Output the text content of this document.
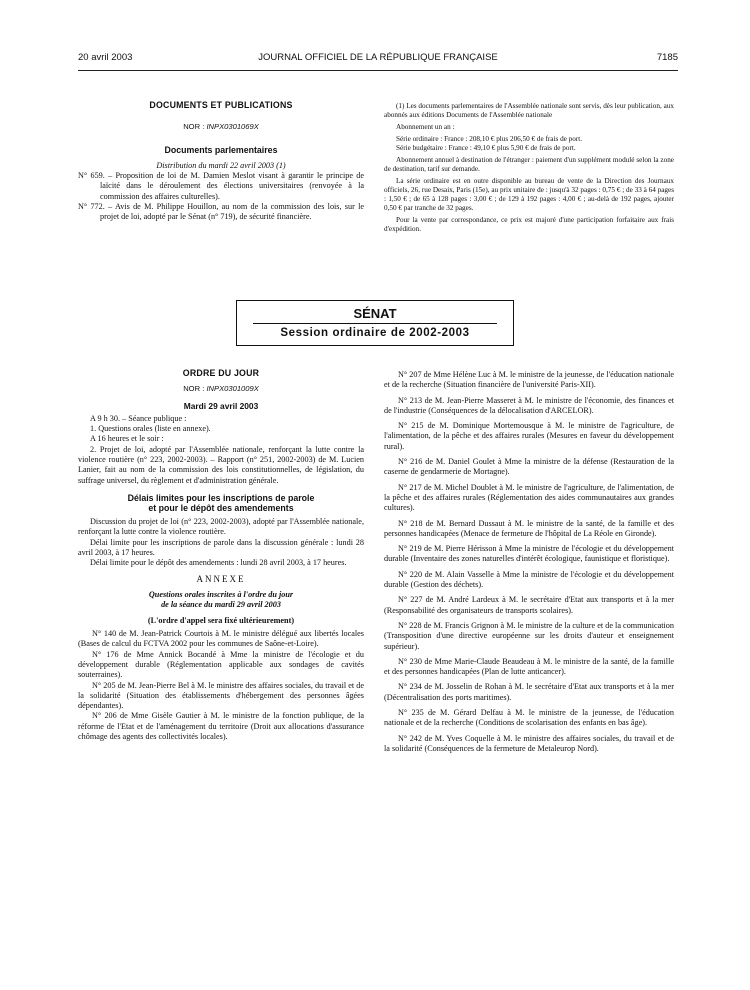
20 avril 2003	JOURNAL OFFICIEL DE LA RÉPUBLIQUE FRANÇAISE	7185
DOCUMENTS ET PUBLICATIONS
NOR : INPX0301069X
Documents parlementaires
Distribution du mardi 22 avril 2003 (1)

N° 659. – Proposition de loi de M. Damien Meslot visant à garantir le principe de laïcité dans le déroulement des élections universitaires (renvoyée à la commission des affaires culturelles).

N° 772. – Avis de M. Philippe Houillon, au nom de la commission des lois, sur le projet de loi, adopté par le Sénat (n° 719), de sécurité financière.

(1) Les documents parlementaires de l'Assemblée nationale sont servis, dès leur publication, aux abonnés aux éditions Documents de l'Assemblée nationale

Abonnement un an :

Série ordinaire : France : 208,10 € plus 206,50 € de frais de port.

Série budgétaire : France : 49,10 € plus 5,90 € de frais de port.

Abonnement annuel à destination de l'étranger : paiement d'un supplément modulé selon la zone de destination, tarif sur demande.

La série ordinaire est en outre disponible au bureau de vente de la Direction des Journaux officiels, 26, rue Desaix, Paris (15e), au prix unitaire de : jusqu'à 32 pages : 0,75 € ; de 33 à 64 pages : 1,50 € ; de 65 à 128 pages : 3,00 € ; de 129 à 192 pages : 4,00 € ; au-delà de 192 pages, ajouter 0,50 € par tranche de 32 pages.

Pour la vente par correspondance, ce prix est majoré d'une participation forfaitaire aux frais d'expédition.

SÉNAT
Session ordinaire de 2002-2003
ORDRE DU JOUR
NOR : INPX0301009X
Mardi 29 avril 2003

A 9 h 30. – Séance publique :

1. Questions orales (liste en annexe).

A 16 heures et le soir :

2. Projet de loi, adopté par l'Assemblée nationale, renforçant la lutte contre la violence routière (n° 223, 2002-2003). – Rapport (n° 251, 2002-2003) de M. Lucien Lanier, fait au nom de la commission des lois constitutionnelles, de législation, du suffrage universel, du règlement et d'administration générale.

Délais limites pour les inscriptions de parole
et pour le dépôt des amendements

Discussion du projet de loi (n° 223, 2002-2003), adopté par l'Assemblée nationale, renforçant la lutte contre la violence routière.

Délai limite pour les inscriptions de parole dans la discussion générale : lundi 28 avril 2003, à 17 heures.

Délai limite pour le dépôt des amendements : lundi 28 avril 2003, à 17 heures.

ANNEXE
Questions orales inscrites à l'ordre du jour
de la séance du mardi 29 avril 2003
(L'ordre d'appel sera fixé ultérieurement)

N° 140 de M. Jean-Patrick Courtois à M. le ministre délégué aux libertés locales (Bases de calcul du FCTVA 2002 pour les communes de Saône-et-Loire).

N° 176 de Mme Annick Bocandé à Mme la ministre de l'écologie et du développement durable (Réglementation applicable aux sondages de cavités souterraines).

N° 205 de M. Jean-Pierre Bel à M. le ministre des affaires sociales, du travail et de la solidarité (Situation des établissements d'hébergement des personnes âgées dépendantes).

N° 206 de Mme Gisèle Gautier à M. le ministre de la fonction publique, de la réforme de l'Etat et de l'aménagement du territoire (Droit aux allocations d'assurance chômage des agents des collectivités locales).

N° 207 de Mme Hélène Luc à M. le ministre de la jeunesse, de l'éducation nationale et de la recherche (Situation financière de l'université Paris-XII).

N° 213 de M. Jean-Pierre Masseret à M. le ministre de l'économie, des finances et de l'industrie (Conséquences de la délocalisation d'ARCELOR).

N° 215 de M. Dominique Mortemousque à M. le ministre de l'agriculture, de l'alimentation, de la pêche et des affaires rurales (Mesures en faveur du développement rural).

N° 216 de M. Daniel Goulet à Mme la ministre de la défense (Restauration de la caserne de gendarmerie de Mortagne).

N° 217 de M. Michel Doublet à M. le ministre de l'agriculture, de l'alimentation, de la pêche et des affaires rurales (Réglementation des aides communautaires aux grandes cultures).

N° 218 de M. Bernard Dussaut à M. le ministre de la santé, de la famille et des personnes handicapées (Menace de fermeture de l'hôpital de La Réole en Gironde).

N° 219 de M. Pierre Hérisson à Mme la ministre de l'écologie et du développement durable (Inventaire des zones naturelles d'intérêt écologique, faunistique et floristique).

N° 220 de M. Alain Vasselle à Mme la ministre de l'écologie et du développement durable (Gestion des déchets).

N° 227 de M. André Lardeux à M. le secrétaire d'Etat aux transports et à la mer (Responsabilité des organisateurs de transports scolaires).

N° 228 de M. Francis Grignon à M. le ministre de la culture et de la communication (Transposition d'une directive européenne sur les droits d'auteur et enseignement supérieur).

N° 230 de Mme Marie-Claude Beaudeau à M. le ministre de la santé, de la famille et des personnes handicapées (Plan de lutte anticancer).

N° 234 de M. Josselin de Rohan à M. le secrétaire d'Etat aux transports et à la mer (Décentralisation des ports maritimes).

N° 235 de M. Gérard Delfau à M. le ministre de la jeunesse, de l'éducation nationale et de la recherche (Conditions de scolarisation des enfants en bas âge).

N° 242 de M. Yves Coquelle à M. le ministre des affaires sociales, du travail et de la solidarité (Conséquences de la fermeture de Metaleurop Nord).
